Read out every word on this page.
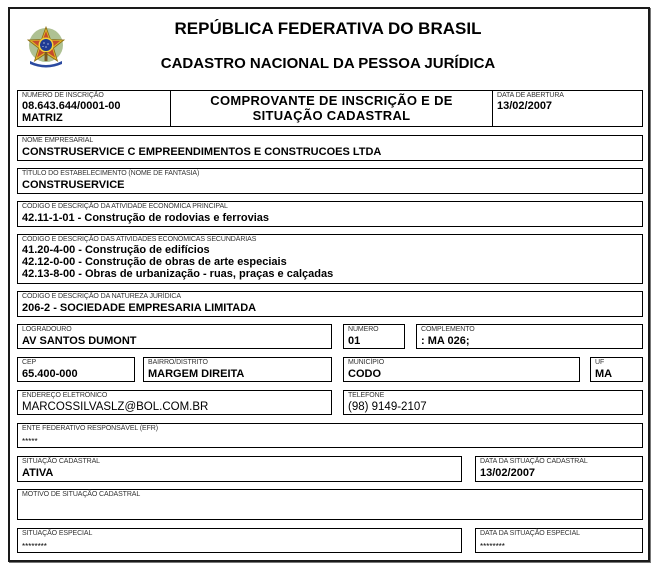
REPÚBLICA FEDERATIVA DO BRASIL
CADASTRO NACIONAL DA PESSOA JURÍDICA
NÚMERO DE INSCRIÇÃO
08.643.644/0001-00
MATRIZ
COMPROVANTE DE INSCRIÇÃO E DE
SITUAÇÃO CADASTRAL
DATA DE ABERTURA
13/02/2007
NOME EMPRESARIAL
CONSTRUSERVICE C EMPREENDIMENTOS E CONSTRUCOES LTDA
TÍTULO DO ESTABELECIMENTO (NOME DE FANTASIA)
CONSTRUSERVICE
CÓDIGO E DESCRIÇÃO DA ATIVIDADE ECONÔMICA PRINCIPAL
42.11-1-01 - Construção de rodovias e ferrovias
CÓDIGO E DESCRIÇÃO DAS ATIVIDADES ECONÔMICAS SECUNDÁRIAS
41.20-4-00 - Construção de edifícios
42.12-0-00 - Construção de obras de arte especiais
42.13-8-00 - Obras de urbanização - ruas, praças e calçadas
CÓDIGO E DESCRIÇÃO DA NATUREZA JURÍDICA
206-2 - SOCIEDADE EMPRESARIA LIMITADA
LOGRADOURO
AV SANTOS DUMONT
NÚMERO
01
COMPLEMENTO
: MA 026;
CEP
65.400-000
BAIRRO/DISTRITO
MARGEM DIREITA
MUNICÍPIO
CODO
UF
MA
ENDEREÇO ELETRÔNICO
MARCOSSILVASLZ@BOL.COM.BR
TELEFONE
(98) 9149-2107
ENTE FEDERATIVO RESPONSÁVEL (EFR)
*****
SITUAÇÃO CADASTRAL
ATIVA
DATA DA SITUAÇÃO CADASTRAL
13/02/2007
MOTIVO DE SITUAÇÃO CADASTRAL
SITUAÇÃO ESPECIAL
********
DATA DA SITUAÇÃO ESPECIAL
********
